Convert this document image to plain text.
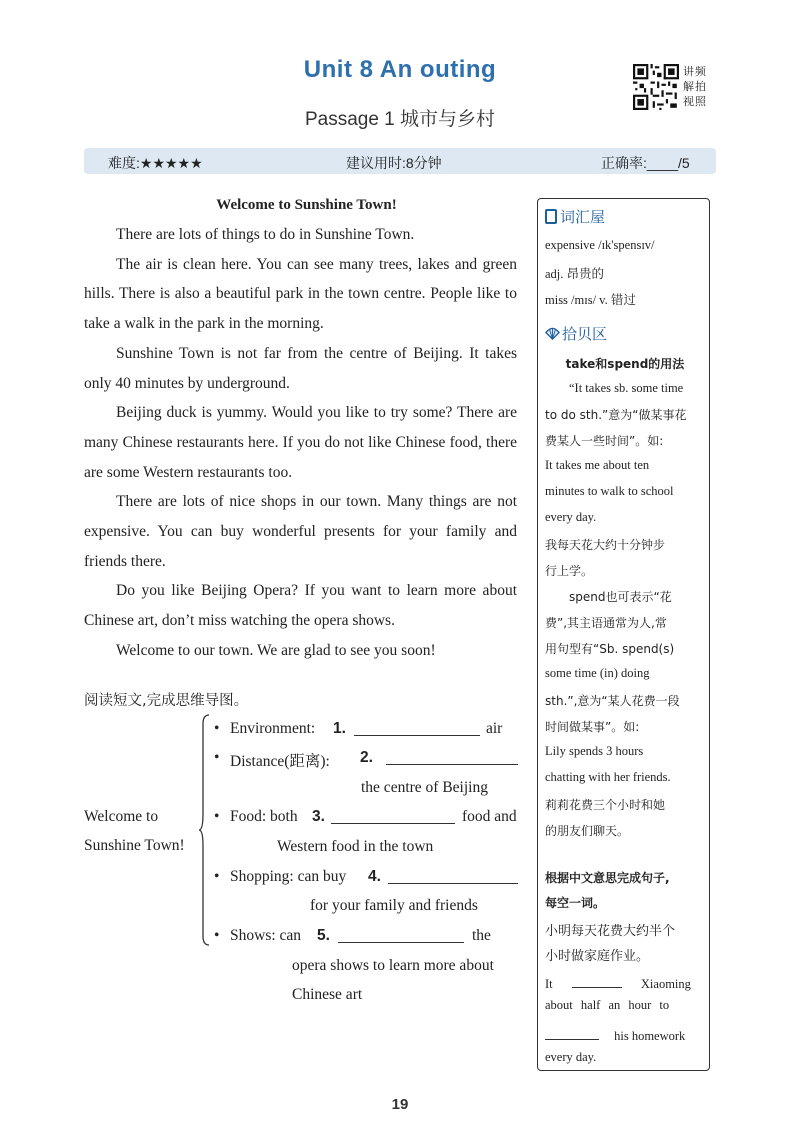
Unit 8 An outing
Passage 1 城市与乡村
讲
解
视
频
拍
照
难度:★★★★★	建议用时:8分钟	正确率:____/5
Welcome to Sunshine Town!

There are lots of things to do in Sunshine Town.

The air is clean here. You can see many trees, lakes and green hills. There is also a beautiful park in the town centre. People like to take a walk in the park in the morning.

Sunshine Town is not far from the centre of Beijing. It takes only 40 minutes by underground.

Beijing duck is yummy. Would you like to try some? There are many Chinese restaurants here. If you do not like Chinese food, there are some Western restaurants too.

There are lots of nice shops in our town. Many things are not expensive. You can buy wonderful presents for your family and friends there.

Do you like Beijing Opera? If you want to learn more about Chinese art, don’t miss watching the opera shows.

Welcome to our town. We are glad to see you soon!

阅读短文,完成思维导图。
Welcome to
Sunshine Town!
• Environment: 1.	air
• Distance(距离): 2.
the centre of Beijing
• Food: both 3.	food and
Western food in the town
• Shopping: can buy 4.
for your family and friends
• Shows: can 5.	the
opera shows to learn more about
Chinese art
词汇屋
expensive /ɪk'spensɪv/
adj. 昂贵的
miss /mɪs/ v. 错过
拾贝区
take和spend的用法
“It takes sb. some time
to do sth.”意为“做某事花
费某人一些时间”。如:
It takes me about ten
minutes to walk to school
every day.
我每天花大约十分钟步
行上学。
spend也可表示“花
费”,其主语通常为人,常
用句型有“Sb. spend(s)
some time (in) doing
sth.”,意为“某人花费一段
时间做某事”。如:
Lily spends 3 hours
chatting with her friends.
莉莉花费三个小时和她
的朋友们聊天。
根据中文意思完成句子,
每空一词。
小明每天花费大约半个
小时做家庭作业。
It	Xiaoming
about half an hour to
his homework
every day.
19
